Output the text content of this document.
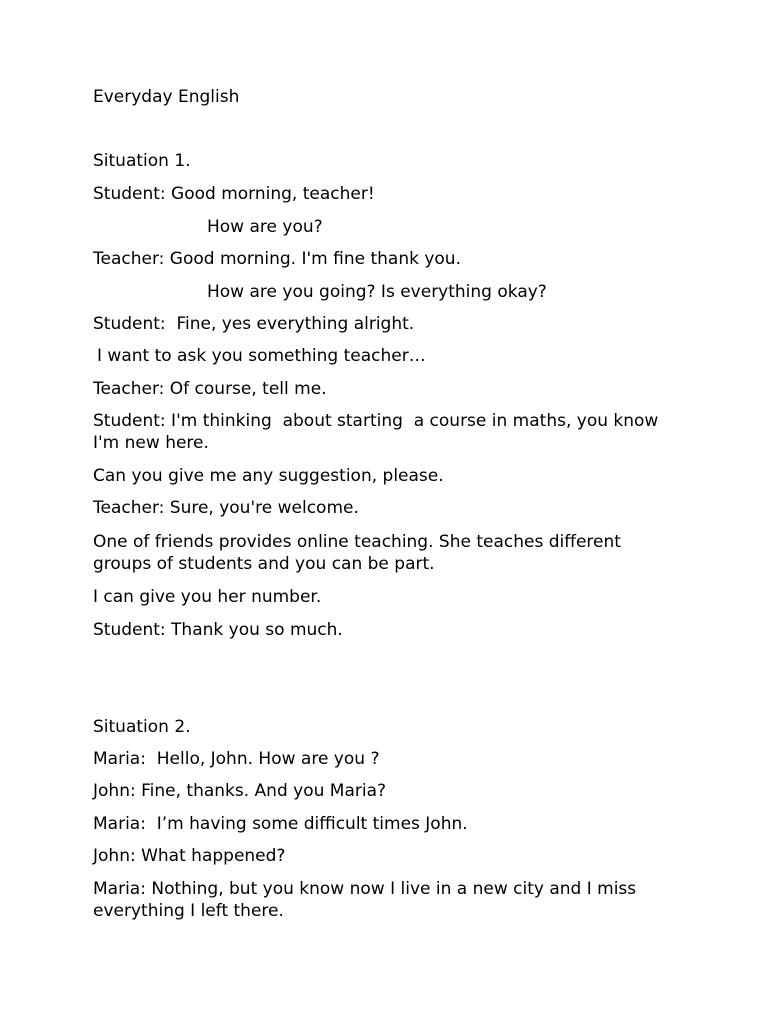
Everyday English

Situation 1.

Student: Good morning, teacher!

How are you?

Teacher: Good morning. I'm fine thank you.

How are you going? Is everything okay?

Student:  Fine, yes everything alright.

I want to ask you something teacher…

Teacher: Of course, tell me.

Student: I'm thinking  about starting  a course in maths, you know I'm new here.

Can you give me any suggestion, please.

Teacher: Sure, you're welcome.

One of friends provides online teaching. She teaches different groups of students and you can be part.

I can give you her number.

Student: Thank you so much.

Situation 2.

Maria:  Hello, John. How are you ?

John: Fine, thanks. And you Maria?

Maria:  I’m having some difficult times John.

John: What happened?

Maria: Nothing, but you know now I live in a new city and I miss everything I left there.
